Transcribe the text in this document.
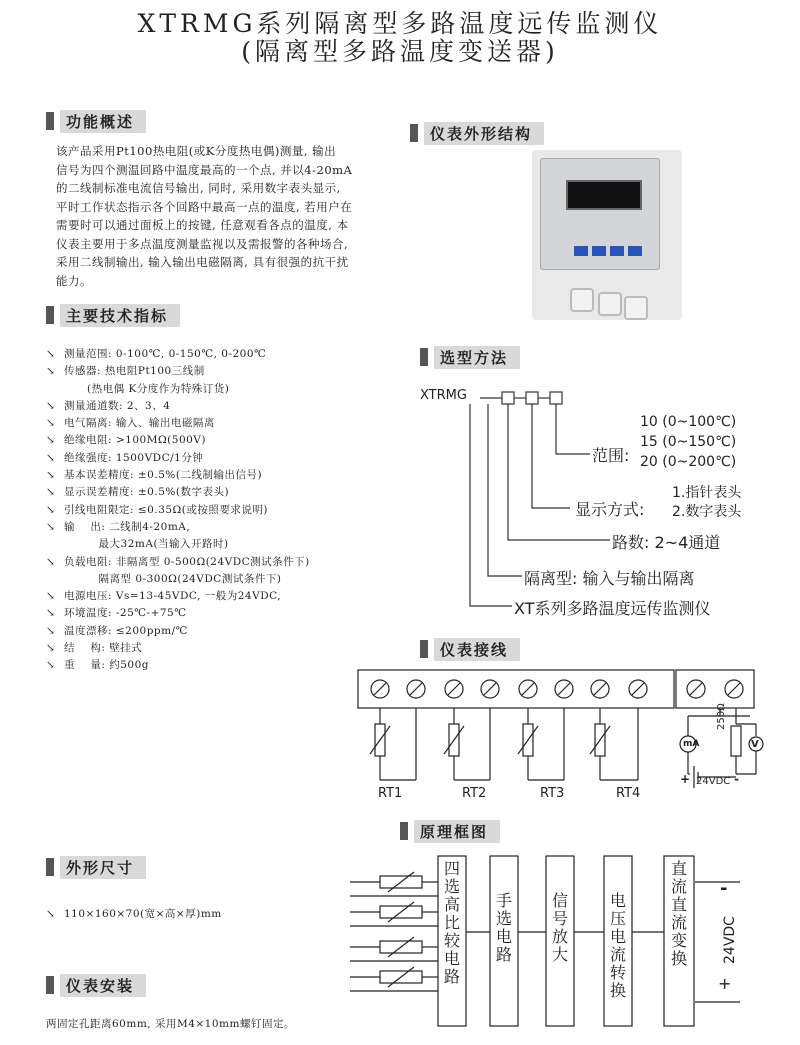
XTRMG系列隔离型多路温度远传监测仪
(隔离型多路温度变送器)
功能概述
该产品采用Pt100热电阻(或K分度热电偶)测量, 输出
信号为四个测温回路中温度最高的一个点, 并以4-20mA
的二线制标准电流信号输出, 同时, 采用数字表头显示,
平时工作状态指示各个回路中最高一点的温度, 若用户在
需要时可以通过面板上的按键, 任意观看各点的温度, 本
仪表主要用于多点温度测量监视以及需报警的各种场合,
采用二线制输出, 输入输出电磁隔离, 具有很强的抗干扰
能力。
主要技术指标
↘ 测量范围: 0-100℃, 0-150℃, 0-200℃
↘ 传感器: 热电阻Pt100三线制
(热电偶 K分度作为特殊订货)
↘ 测量通道数: 2、3、4
↘ 电气隔离: 输入、输出电磁隔离
↘ 绝缘电阻: >100MΩ(500V)
↘ 绝缘强度: 1500VDC/1分钟
↘ 基本误差精度: ±0.5%(二线制输出信号)
↘ 显示误差精度: ±0.5%(数字表头)
↘ 引线电阻限定: ≤0.35Ω(或按照要求说明)
↘ 输    出: 二线制4-20mA,
最大32mA(当输入开路时)
↘ 负载电阻: 非隔离型 0-500Ω(24VDC测试条件下)
隔离型 0-300Ω(24VDC测试条件下)
↘ 电源电压: Vs=13-45VDC, 一般为24VDC,
↘ 环境温度: -25℃-+75℃
↘ 温度漂移: ≤200ppm/℃
↘ 结    构: 壁挂式
↘ 重    量: 约500g
仪表外形结构
选型方法
XTRMG
10 (0~100℃)
15 (0~150℃)
20 (0~200℃)
范围:
显示方式:
1.指针表头
2.数字表头
路数: 2~4通道
隔离型: 输入与输出隔离
XT系列多路温度远传监测仪
仪表接线
mA	V
250Ω
+ 24VDC -
RT1	RT2	RT3	RT4
原理框图
-
+
24VDC
外形尺寸
↘ 110×160×70(宽×高×厚)mm
仪表安装
两固定孔距离60mm, 采用M4×10mm螺钉固定。
四
选
高
比
较
电
路
手
选
电
路
信
号
放
大
电
压
电
流
转
换
直
流
直
流
变
换
